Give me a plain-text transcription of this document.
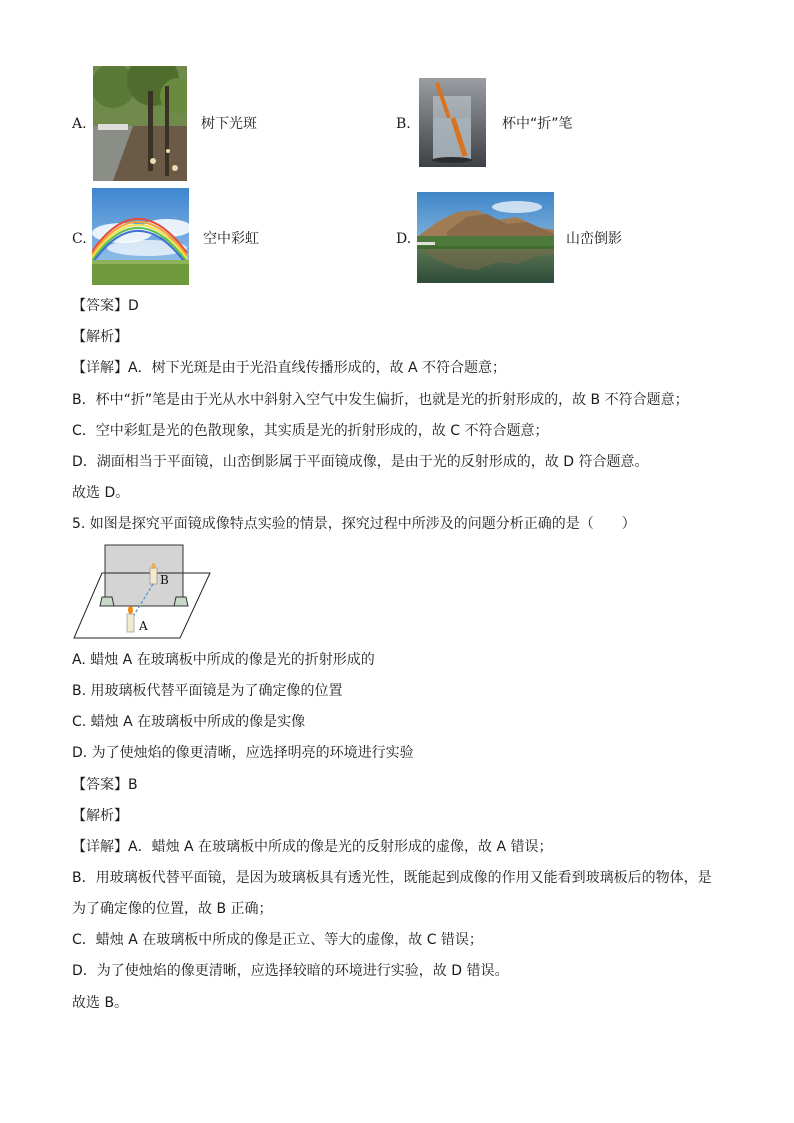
A.	树下光斑	B.	杯中“折”笔
C.	空中彩虹	D.	山峦倒影
【答案】D
【解析】
【详解】A．树下光斑是由于光沿直线传播形成的，故 A 不符合题意；
B．杯中“折”笔是由于光从水中斜射入空气中发生偏折，也就是光的折射形成的，故 B 不符合题意；
C．空中彩虹是光的色散现象，其实质是光的折射形成的，故 C 不符合题意；
D．湖面相当于平面镜，山峦倒影属于平面镜成像，是由于光的反射形成的，故 D 符合题意。
故选 D。
5. 如图是探究平面镜成像特点实验的情景，探究过程中所涉及的问题分析正确的是（　　）
B
A
A. 蜡烛 A 在玻璃板中所成的像是光的折射形成的
B. 用玻璃板代替平面镜是为了确定像的位置
C. 蜡烛 A 在玻璃板中所成的像是实像
D. 为了使烛焰的像更清晰，应选择明亮的环境进行实验
【答案】B
【解析】
【详解】A．蜡烛 A 在玻璃板中所成的像是光的反射形成的虚像，故 A 错误；
B．用玻璃板代替平面镜，是因为玻璃板具有透光性，既能起到成像的作用又能看到玻璃板后的物体，是
为了确定像的位置，故 B 正确；
C．蜡烛 A 在玻璃板中所成的像是正立、等大的虚像，故 C 错误；
D．为了使烛焰的像更清晰，应选择较暗的环境进行实验，故 D 错误。
故选 B。
